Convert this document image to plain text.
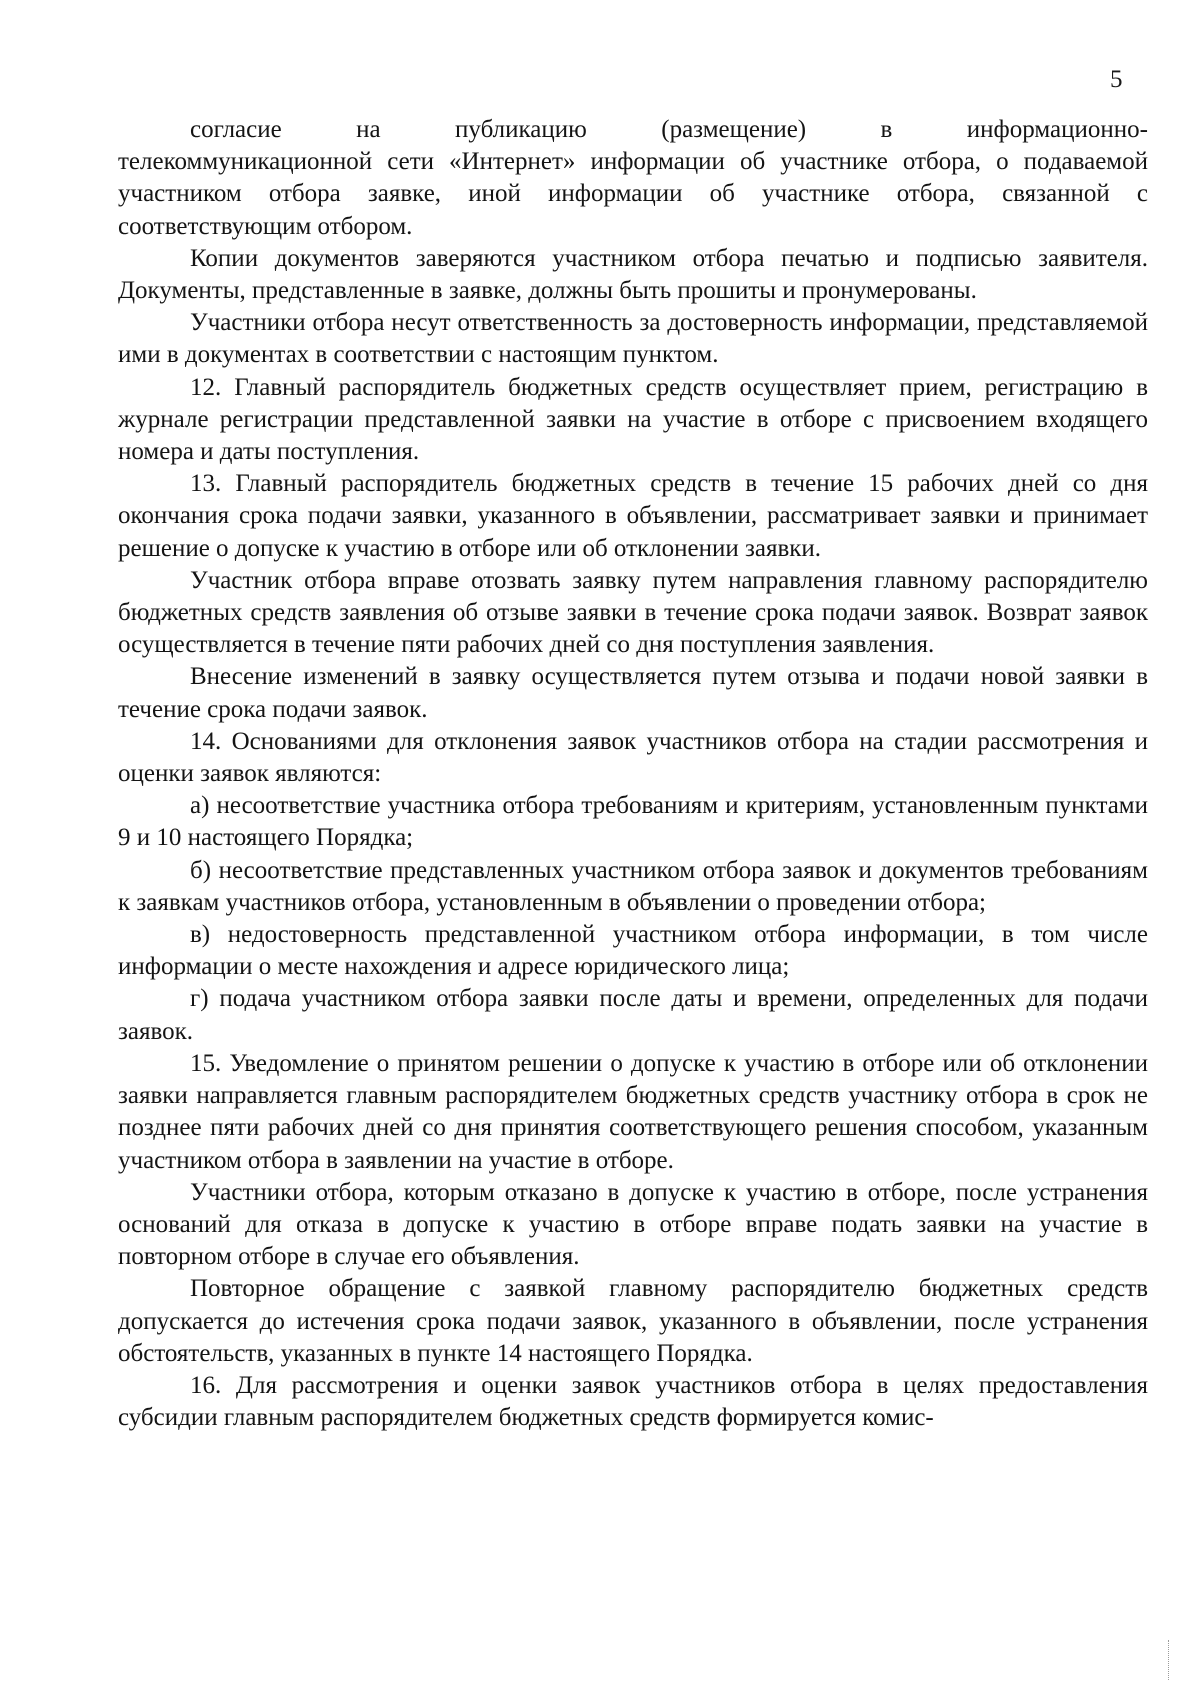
5

согласие	на	публикацию	(размещение)	в	информационно-

телекоммуникационной сети «Интернет» информации об участнике отбора, о подаваемой участником отбора заявке, иной информации об участнике отбора, связанной с соответствующим отбором.

Копии документов заверяются участником отбора печатью и подписью заявителя. Документы, представленные в заявке, должны быть прошиты и пронумерованы.

Участники отбора несут ответственность за достоверность информации, представляемой ими в документах в соответствии с настоящим пунктом.

12. Главный распорядитель бюджетных средств осуществляет прием, регистрацию в журнале регистрации представленной заявки на участие в отборе с присвоением входящего номера и даты поступления.

13. Главный распорядитель бюджетных средств в течение 15 рабочих дней со дня окончания срока подачи заявки, указанного в объявлении, рассматривает заявки и принимает решение о допуске к участию в отборе или об отклонении заявки.

Участник отбора вправе отозвать заявку путем направления главному распорядителю бюджетных средств заявления об отзыве заявки в течение срока подачи заявок. Возврат заявок осуществляется в течение пяти рабочих дней со дня поступления заявления.

Внесение изменений в заявку осуществляется путем отзыва и подачи новой заявки в течение срока подачи заявок.

14. Основаниями для отклонения заявок участников отбора на стадии рассмотрения и оценки заявок являются:

а) несоответствие участника отбора требованиям и критериям, установленным пунктами 9 и 10 настоящего Порядка;

б) несоответствие представленных участником отбора заявок и документов требованиям к заявкам участников отбора, установленным в объявлении о проведении отбора;

в) недостоверность представленной участником отбора информации, в том числе информации о месте нахождения и адресе юридического лица;

г) подача участником отбора заявки после даты и времени, определенных для подачи заявок.

15. Уведомление о принятом решении о допуске к участию в отборе или об отклонении заявки направляется главным распорядителем бюджетных средств участнику отбора в срок не позднее пяти рабочих дней со дня принятия соответствующего решения способом, указанным участником отбора в заявлении на участие в отборе.

Участники отбора, которым отказано в допуске к участию в отборе, после устранения оснований для отказа в допуске к участию в отборе вправе подать заявки на участие в повторном отборе в случае его объявления.

Повторное обращение с заявкой главному распорядителю бюджетных средств допускается до истечения срока подачи заявок, указанного в объявлении, после устранения обстоятельств, указанных в пункте 14 настоящего Порядка.

16. Для рассмотрения и оценки заявок участников отбора в целях предоставления субсидии главным распорядителем бюджетных средств формируется комис-
